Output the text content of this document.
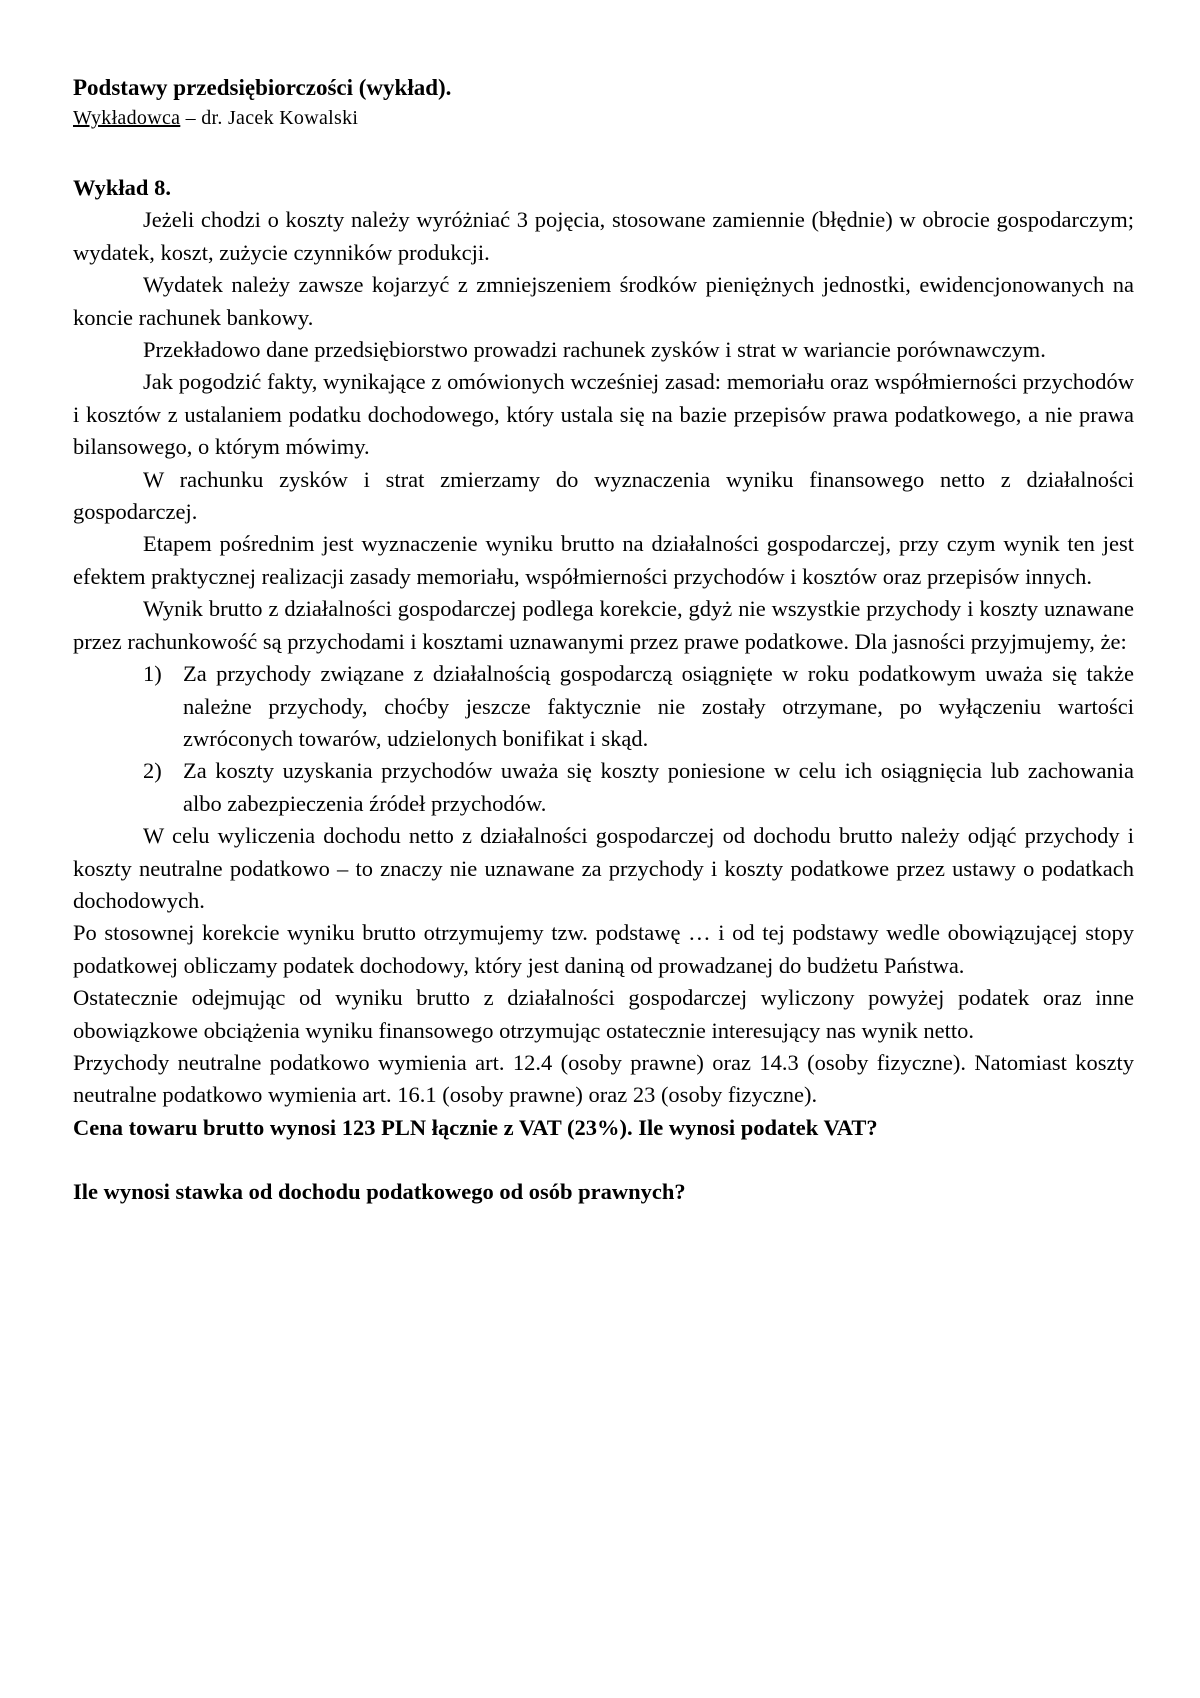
Podstawy przedsiębiorczości (wykład).

Wykładowca – dr. Jacek Kowalski

Wykład 8.

Jeżeli chodzi o koszty należy wyróżniać 3 pojęcia, stosowane zamiennie (błędnie) w obrocie gospodarczym; wydatek, koszt, zużycie czynników produkcji.

Wydatek należy zawsze kojarzyć z zmniejszeniem środków pieniężnych jednostki, ewidencjonowanych na koncie rachunek bankowy.

Przekładowo dane przedsiębiorstwo prowadzi rachunek zysków i strat w wariancie porównawczym.

Jak pogodzić fakty, wynikające z omówionych wcześniej zasad: memoriału oraz współmierności przychodów i kosztów z ustalaniem podatku dochodowego, który ustala się na bazie przepisów prawa podatkowego, a nie prawa bilansowego, o którym mówimy.

W rachunku zysków i strat zmierzamy do wyznaczenia wyniku finansowego netto z działalności gospodarczej.

Etapem pośrednim jest wyznaczenie wyniku brutto na działalności gospodarczej, przy czym wynik ten jest efektem praktycznej realizacji zasady memoriału, współmierności przychodów i kosztów oraz przepisów innych.

Wynik brutto z działalności gospodarczej podlega korekcie, gdyż nie wszystkie przychody i koszty uznawane przez rachunkowość są przychodami i kosztami uznawanymi przez prawe podatkowe. Dla jasności przyjmujemy, że:

1) Za przychody związane z działalnością gospodarczą osiągnięte w roku podatkowym uważa się także należne przychody, choćby jeszcze faktycznie nie zostały otrzymane, po wyłączeniu wartości zwróconych towarów, udzielonych bonifikat i skąd.
2) Za koszty uzyskania przychodów uważa się koszty poniesione w celu ich osiągnięcia lub zachowania albo zabezpieczenia źródeł przychodów.

W celu wyliczenia dochodu netto z działalności gospodarczej od dochodu brutto należy odjąć przychody i koszty neutralne podatkowo – to znaczy nie uznawane za przychody i koszty podatkowe przez ustawy o podatkach dochodowych.

Po stosownej korekcie wyniku brutto otrzymujemy tzw. podstawę … i od tej podstawy wedle obowiązującej stopy podatkowej obliczamy podatek dochodowy, który jest daniną od prowadzanej do budżetu Państwa.

Ostatecznie odejmując od wyniku brutto z działalności gospodarczej wyliczony powyżej podatek oraz inne obowiązkowe obciążenia wyniku finansowego otrzymując ostatecznie interesujący nas wynik netto.

Przychody neutralne podatkowo wymienia art. 12.4 (osoby prawne) oraz 14.3 (osoby fizyczne). Natomiast koszty neutralne podatkowo wymienia art. 16.1 (osoby prawne) oraz 23 (osoby fizyczne).

Cena towaru brutto wynosi 123 PLN łącznie z VAT (23%). Ile wynosi podatek VAT?

Ile wynosi stawka od dochodu podatkowego od osób prawnych?
